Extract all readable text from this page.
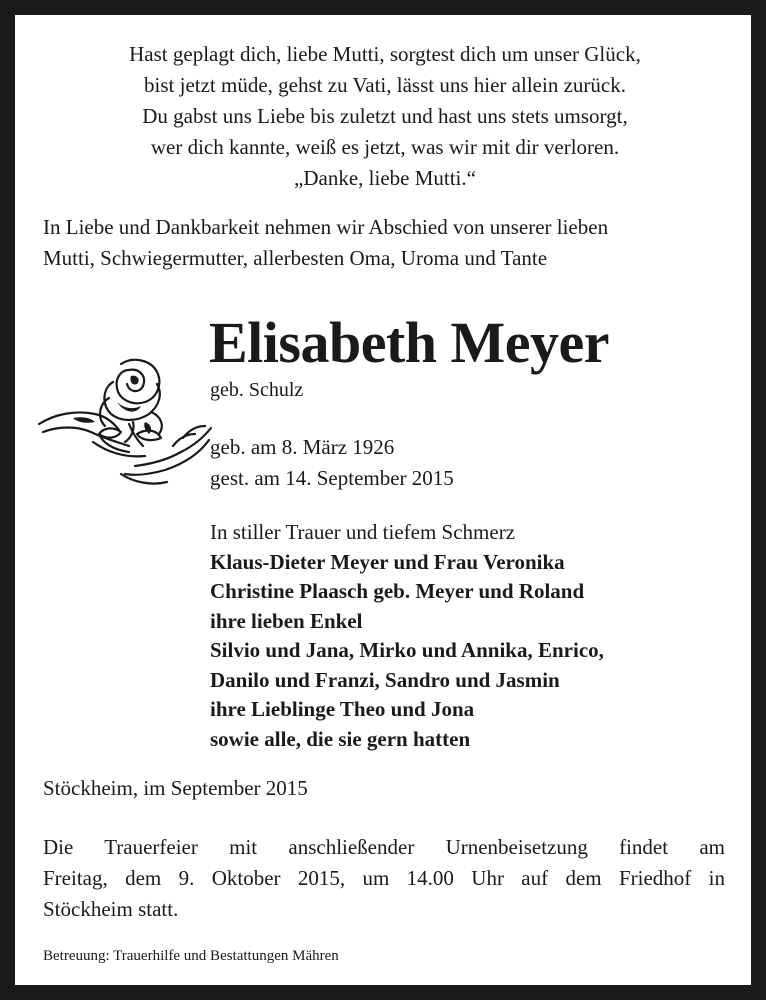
Hast geplagt dich, liebe Mutti, sorgtest dich um unser Glück,
bist jetzt müde, gehst zu Vati, lässt uns hier allein zurück.
Du gabst uns Liebe bis zuletzt und hast uns stets umsorgt,
wer dich kannte, weiß es jetzt, was wir mit dir verloren.
„Danke, liebe Mutti.“
In Liebe und Dankbarkeit nehmen wir Abschied von unserer lieben
Mutti, Schwiegermutter, allerbesten Oma, Uroma und Tante
Elisabeth Meyer
geb. Schulz
geb. am 8. März 1926
gest. am 14. September 2015
In stiller Trauer und tiefem Schmerz
Klaus-Dieter Meyer und Frau Veronika
Christine Plaasch geb. Meyer und Roland
ihre lieben Enkel
Silvio und Jana, Mirko und Annika, Enrico,
Danilo und Franzi, Sandro und Jasmin
ihre Lieblinge Theo und Jona
sowie alle, die sie gern hatten
Stöckheim, im September 2015
Die Trauerfeier mit anschließender Urnenbeisetzung findet am
Freitag, dem 9. Oktober 2015, um 14.00 Uhr auf dem Friedhof in
Stöckheim statt.
Betreuung: Trauerhilfe und Bestattungen Mähren
